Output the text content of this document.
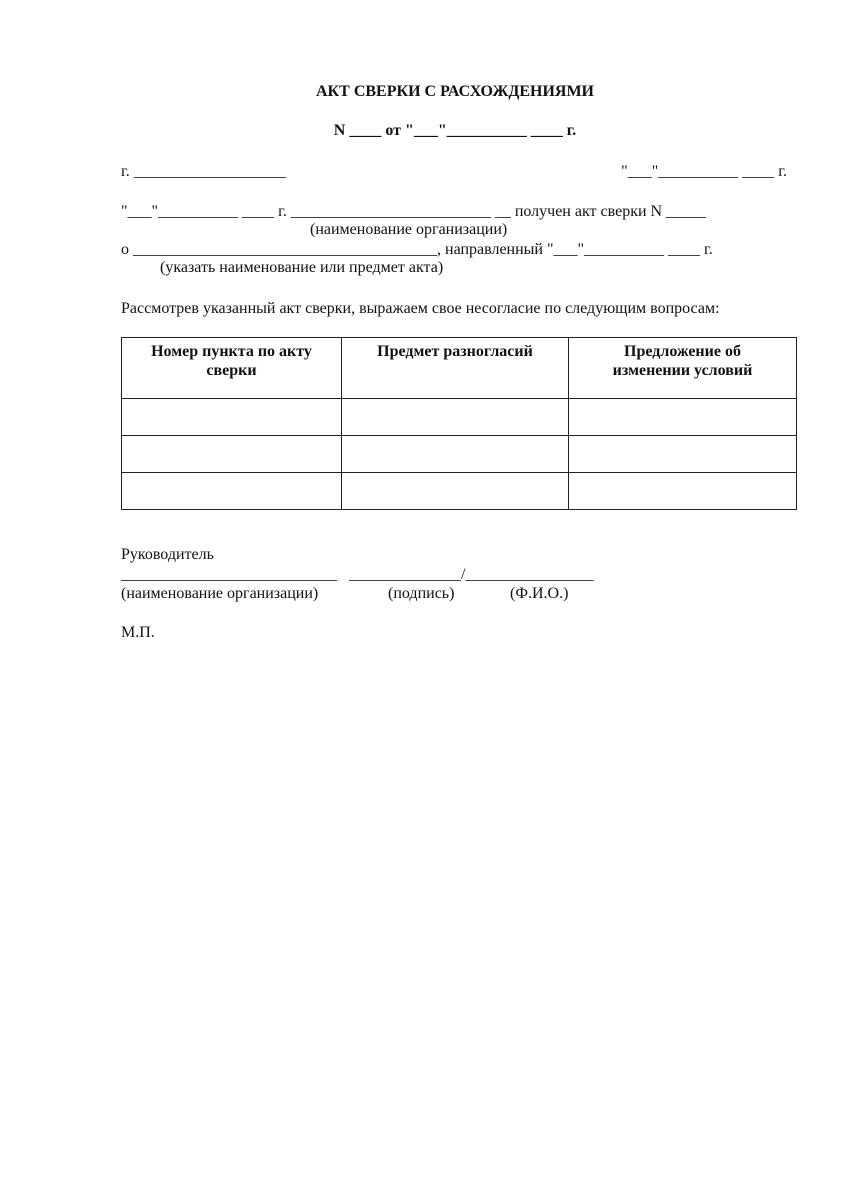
АКТ СВЕРКИ С РАСХОЖДЕНИЯМИ
N ____ от "___"__________ ____ г.
г. ___________________	"___"__________ ____ г.
"___"__________ ____ г. _________________________ __ получен акт сверки N _____
(наименование организации)
о ______________________________________, направленный "___"__________ ____ г.
(указать наименование или предмет акта)
Рассмотрев указанный акт сверки, выражаем свое несогласие по следующим вопросам:
Номер пункта по акту сверки	Предмет разногласий	Предложение об изменении условий

Руководитель
___________________________   ______________/________________
(наименование организации)	(подпись)	(Ф.И.О.)
М.П.
